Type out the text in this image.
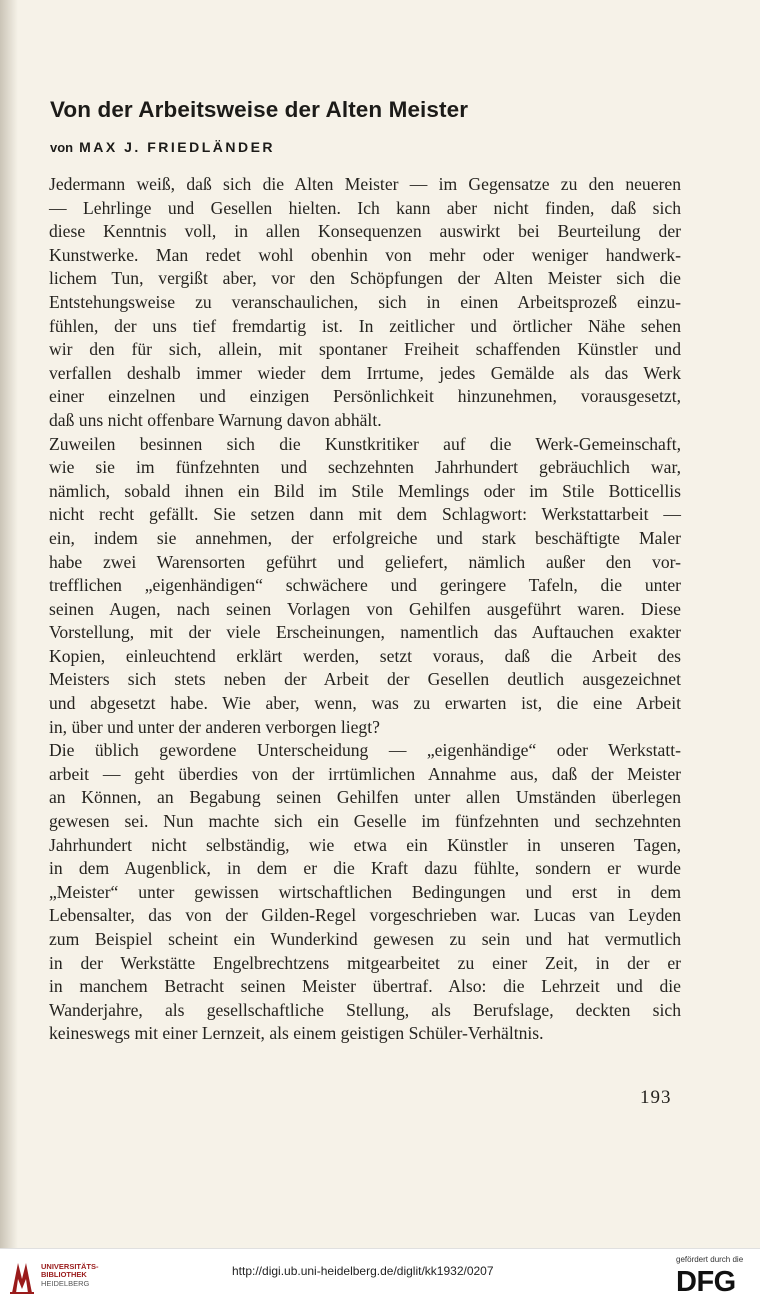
Von der Arbeitsweise der Alten Meister
von MAX J. FRIEDLÄNDER
Jedermann weiß, daß sich die Alten Meister — im Gegensatze zu den neueren
— Lehrlinge und Gesellen hielten. Ich kann aber nicht finden, daß sich
diese Kenntnis voll, in allen Konsequenzen auswirkt bei Beurteilung der
Kunstwerke. Man redet wohl obenhin von mehr oder weniger handwerk-
lichem Tun, vergißt aber, vor den Schöpfungen der Alten Meister sich die
Entstehungsweise zu veranschaulichen, sich in einen Arbeitsprozeß einzu-
fühlen, der uns tief fremdartig ist. In zeitlicher und örtlicher Nähe sehen
wir den für sich, allein, mit spontaner Freiheit schaffenden Künstler und
verfallen deshalb immer wieder dem Irrtume, jedes Gemälde als das Werk
einer einzelnen und einzigen Persönlichkeit hinzunehmen, vorausgesetzt,
daß uns nicht offenbare Warnung davon abhält.
Zuweilen besinnen sich die Kunstkritiker auf die Werk-Gemeinschaft,
wie sie im fünfzehnten und sechzehnten Jahrhundert gebräuchlich war,
nämlich, sobald ihnen ein Bild im Stile Memlings oder im Stile Botticellis
nicht recht gefällt. Sie setzen dann mit dem Schlagwort: Werkstattarbeit —
ein, indem sie annehmen, der erfolgreiche und stark beschäftigte Maler
habe zwei Warensorten geführt und geliefert, nämlich außer den vor-
trefflichen „eigenhändigen“ schwächere und geringere Tafeln, die unter
seinen Augen, nach seinen Vorlagen von Gehilfen ausgeführt waren. Diese
Vorstellung, mit der viele Erscheinungen, namentlich das Auftauchen exakter
Kopien, einleuchtend erklärt werden, setzt voraus, daß die Arbeit des
Meisters sich stets neben der Arbeit der Gesellen deutlich ausgezeichnet
und abgesetzt habe. Wie aber, wenn, was zu erwarten ist, die eine Arbeit
in, über und unter der anderen verborgen liegt?
Die üblich gewordene Unterscheidung — „eigenhändige“ oder Werkstatt-
arbeit — geht überdies von der irrtümlichen Annahme aus, daß der Meister
an Können, an Begabung seinen Gehilfen unter allen Umständen überlegen
gewesen sei. Nun machte sich ein Geselle im fünfzehnten und sechzehnten
Jahrhundert nicht selbständig, wie etwa ein Künstler in unseren Tagen,
in dem Augenblick, in dem er die Kraft dazu fühlte, sondern er wurde
„Meister“ unter gewissen wirtschaftlichen Bedingungen und erst in dem
Lebensalter, das von der Gilden-Regel vorgeschrieben war. Lucas van Leyden
zum Beispiel scheint ein Wunderkind gewesen zu sein und hat vermutlich
in der Werkstätte Engelbrechtzens mitgearbeitet zu einer Zeit, in der er
in manchem Betracht seinen Meister übertraf. Also: die Lehrzeit und die
Wanderjahre, als gesellschaftliche Stellung, als Berufslage, deckten sich
keineswegs mit einer Lernzeit, als einem geistigen Schüler-Verhältnis.
193
UNIVERSITÄTS-
BIBLIOTHEK
HEIDELBERG
http://digi.ub.uni-heidelberg.de/diglit/kk1932/0207
gefördert durch die
DFG
